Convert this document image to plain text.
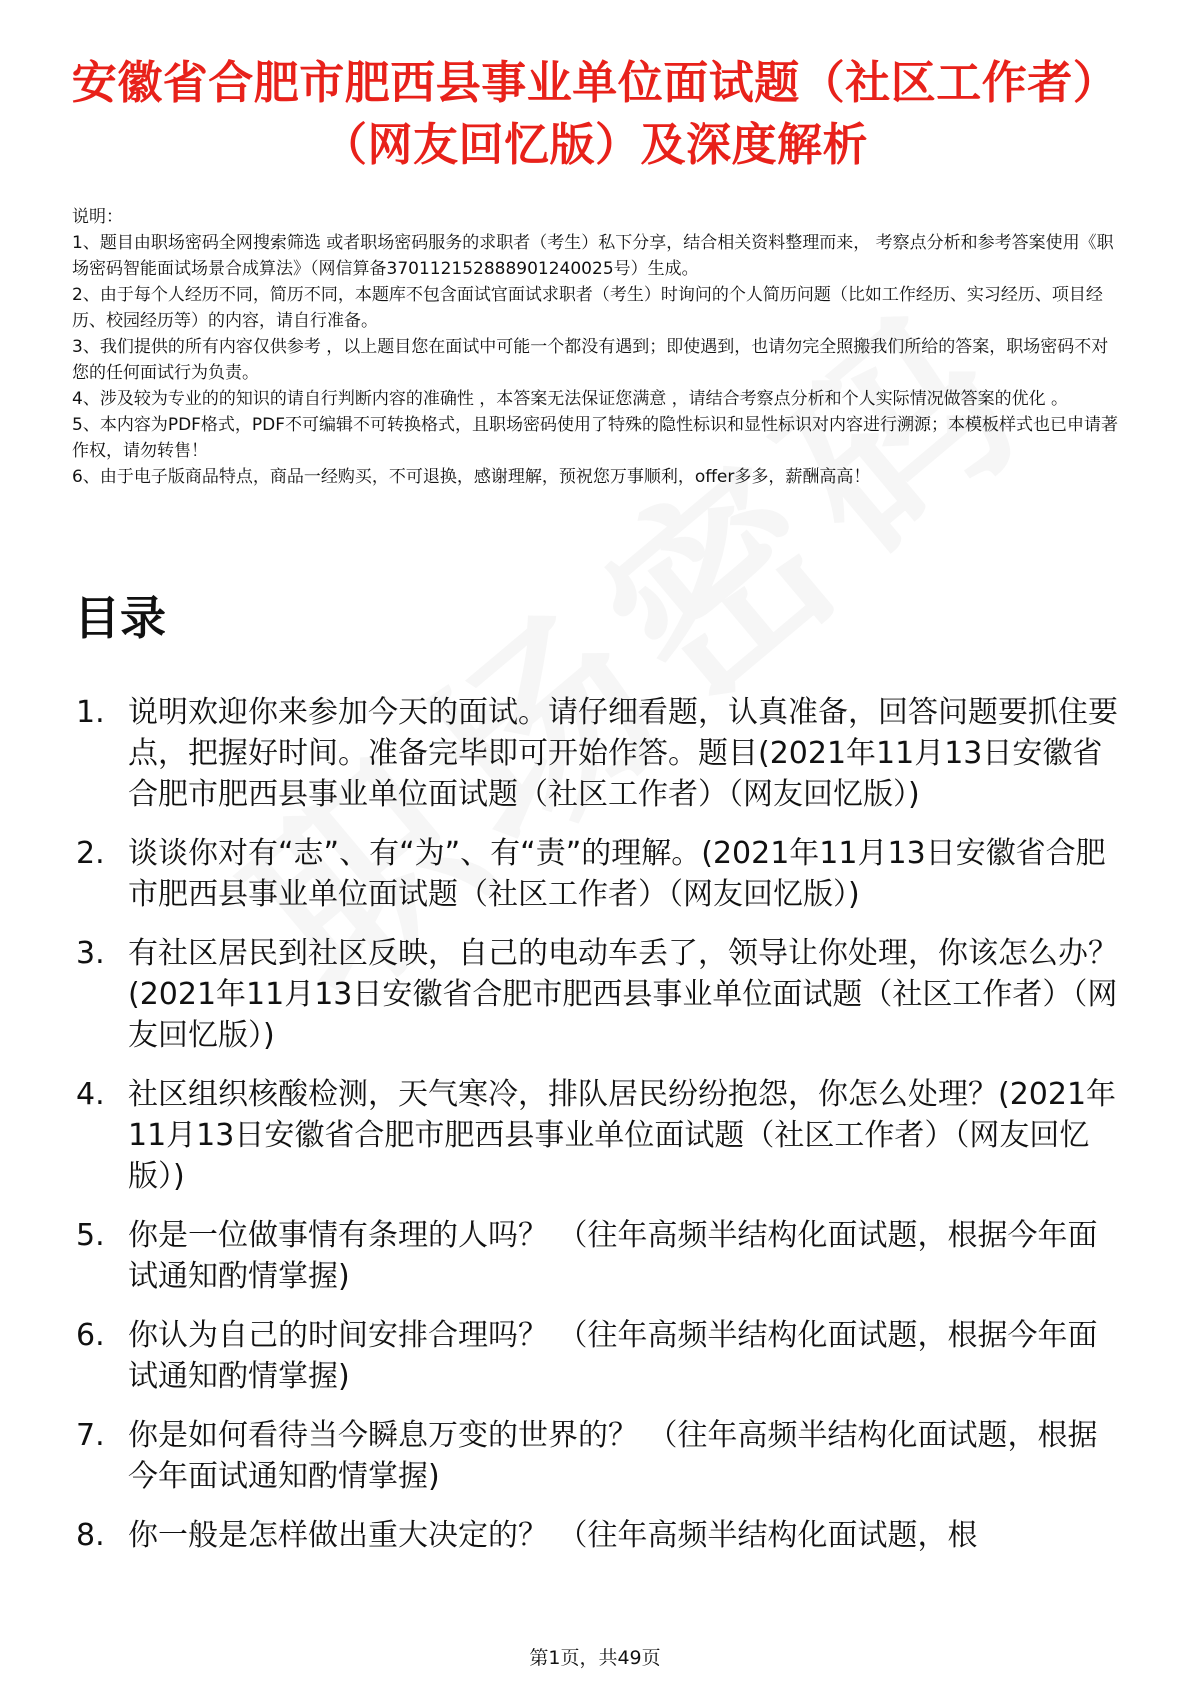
安徽省合肥市肥西县事业单位面试题（社区工作者）（网友回忆版）及深度解析

说明：

1、题目由职场密码全网搜索筛选 或者职场密码服务的求职者（考生）私下分享，结合相关资料整理而来， 考察点分析和参考答案使用《职场密码智能面试场景合成算法》（网信算备370112152888901240025号）生成。

2、由于每个人经历不同，简历不同，本题库不包含面试官面试求职者（考生）时询问的个人简历问题（比如工作经历、实习经历、项目经历、校园经历等）的内容，请自行准备。

3、我们提供的所有内容仅供参考 ，以上题目您在面试中可能一个都没有遇到；即使遇到，也请勿完全照搬我们所给的答案，职场密码不对您的任何面试行为负责。

4、涉及较为专业的的知识的请自行判断内容的准确性 ，本答案无法保证您满意 ，请结合考察点分析和个人实际情况做答案的优化 。

5、本内容为PDF格式，PDF不可编辑不可转换格式，且职场密码使用了特殊的隐性标识和显性标识对内容进行溯源；本模板样式也已申请著作权，请勿转售！

6、由于电子版商品特点，商品一经购买，不可退换，感谢理解，预祝您万事顺利，offer多多，薪酬高高！

目录
1. 说明欢迎你来参加今天的面试。请仔细看题，认真准备，回答问题要抓住要点，把握好时间。准备完毕即可开始作答。题目(2021年11月13日安徽省合肥市肥西县事业单位面试题（社区工作者）（网友回忆版）)
2. 谈谈你对有“志”、有“为”、有“责”的理解。(2021年11月13日安徽省合肥市肥西县事业单位面试题（社区工作者）（网友回忆版）)
3. 有社区居民到社区反映，自己的电动车丢了，领导让你处理，你该怎么办？(2021年11月13日安徽省合肥市肥西县事业单位面试题（社区工作者）（网友回忆版）)
4. 社区组织核酸检测，天气寒冷，排队居民纷纷抱怨，你怎么处理？(2021年11月13日安徽省合肥市肥西县事业单位面试题（社区工作者）（网友回忆版）)
5. 你是一位做事情有条理的人吗？ （往年高频半结构化面试题，根据今年面试通知酌情掌握)
6. 你认为自己的时间安排合理吗？ （往年高频半结构化面试题，根据今年面试通知酌情掌握)
7. 你是如何看待当今瞬息万变的世界的？ （往年高频半结构化面试题，根据今年面试通知酌情掌握)
8. 你一般是怎样做出重大决定的？ （往年高频半结构化面试题，根
第1页，共49页
